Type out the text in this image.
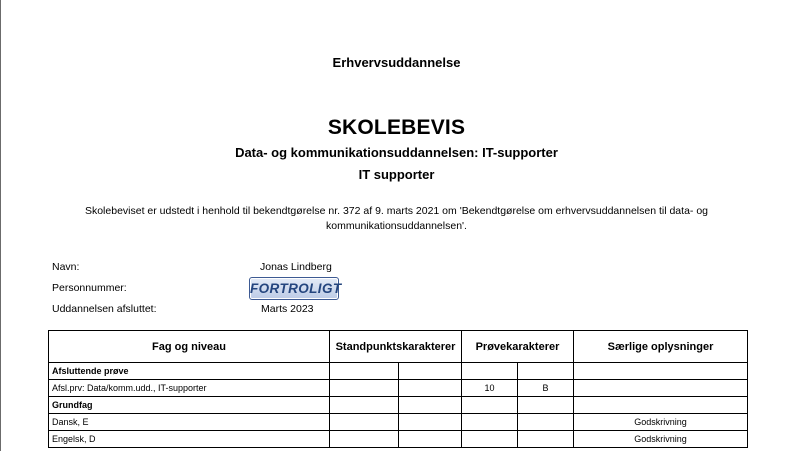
Erhvervsuddannelse
SKOLEBEVIS
Data- og kommunikationsuddannelsen: IT-supporter
IT supporter
Skolebeviset er udstedt i henhold til bekendtgørelse nr. 372 af 9. marts 2021 om 'Bekendtgørelse om erhvervsuddannelsen til data- og kommunikationsuddannelsen'.
Navn:	Jonas Lindberg
Personnummer:	FORTROLIGT
Uddannelsen afsluttet:	Marts 2023
Fag og niveau	Standpunktskarakterer		Prøvekarakterer		Særlige oplysninger
Afsluttende prøve					
Afsl.prv: Data/komm.udd., IT-supporter			10	B	
Grundfag					
Dansk, E					Godskrivning
Engelsk, D					Godskrivning
